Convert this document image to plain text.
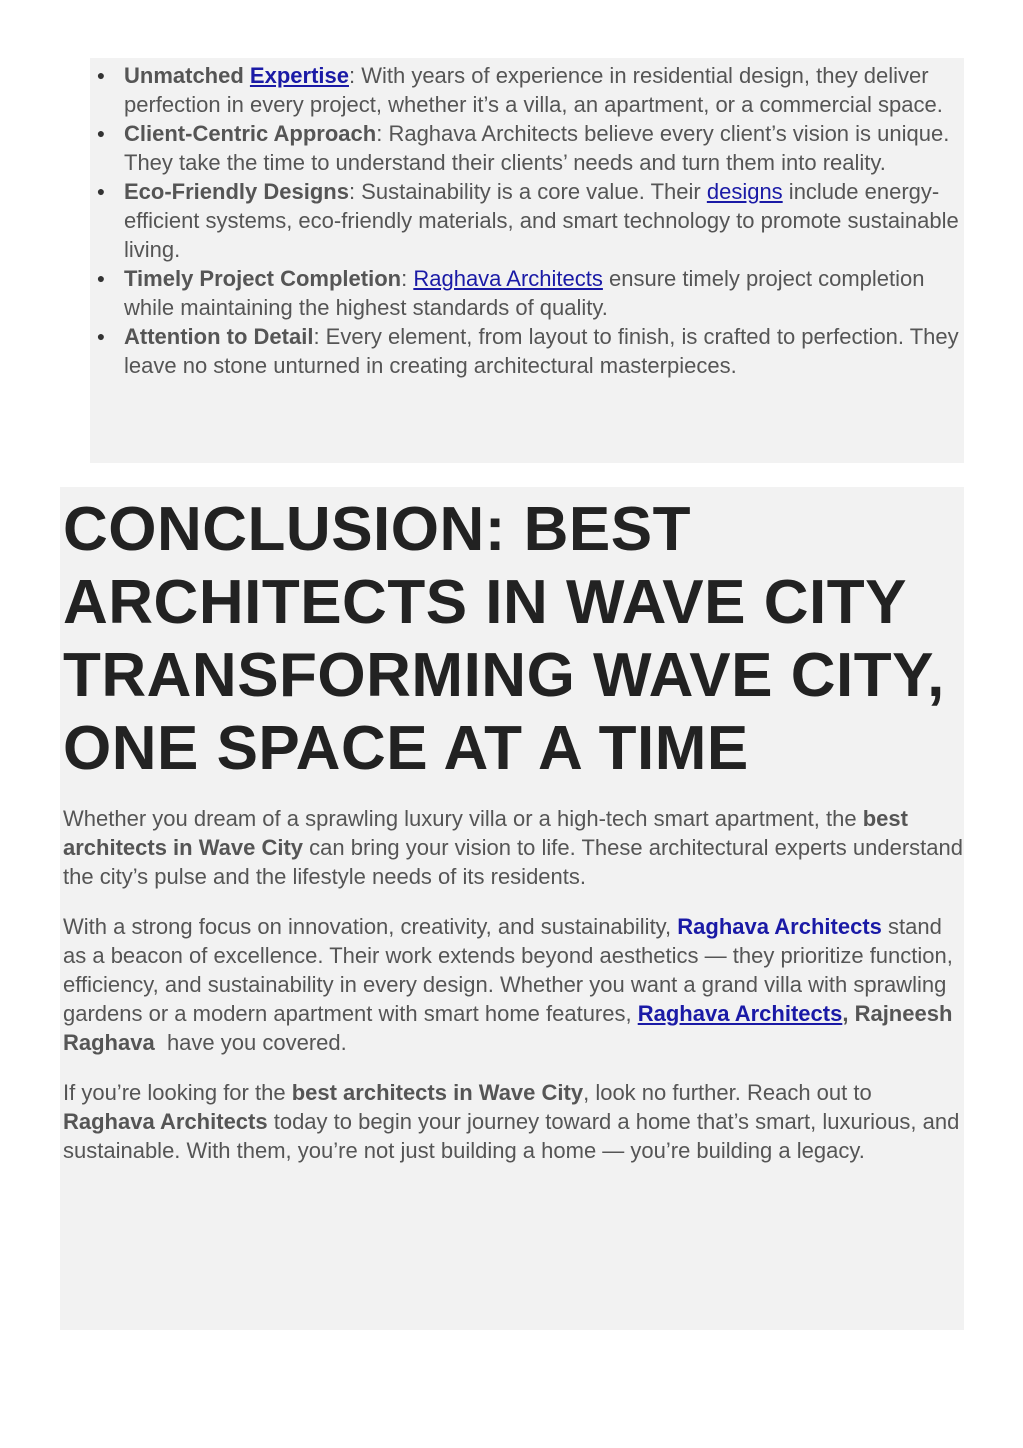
● Unmatched Expertise: With years of experience in residential design, they deliver perfection in every project, whether it’s a villa, an apartment, or a commercial space.
● Client-Centric Approach: Raghava Architects believe every client’s vision is unique. They take the time to understand their clients’ needs and turn them into reality.
● Eco-Friendly Designs: Sustainability is a core value. Their designs include energy-efficient systems, eco-friendly materials, and smart technology to promote sustainable living.
● Timely Project Completion: Raghava Architects ensure timely project completion while maintaining the highest standards of quality.
● Attention to Detail: Every element, from layout to finish, is crafted to perfection. They leave no stone unturned in creating architectural masterpieces.
CONCLUSION: BEST ARCHITECTS IN WAVE CITY TRANSFORMING WAVE CITY, ONE SPACE AT A TIME

Whether you dream of a sprawling luxury villa or a high-tech smart apartment, the best architects in Wave City can bring your vision to life. These architectural experts understand the city’s pulse and the lifestyle needs of its residents.

With a strong focus on innovation, creativity, and sustainability, Raghava Architects stand as a beacon of excellence. Their work extends beyond aesthetics — they prioritize function, efficiency, and sustainability in every design. Whether you want a grand villa with sprawling gardens or a modern apartment with smart home features, Raghava Architects, Rajneesh Raghava  have you covered.

If you’re looking for the best architects in Wave City, look no further. Reach out to Raghava Architects today to begin your journey toward a home that’s smart, luxurious, and sustainable. With them, you’re not just building a home — you’re building a legacy.
